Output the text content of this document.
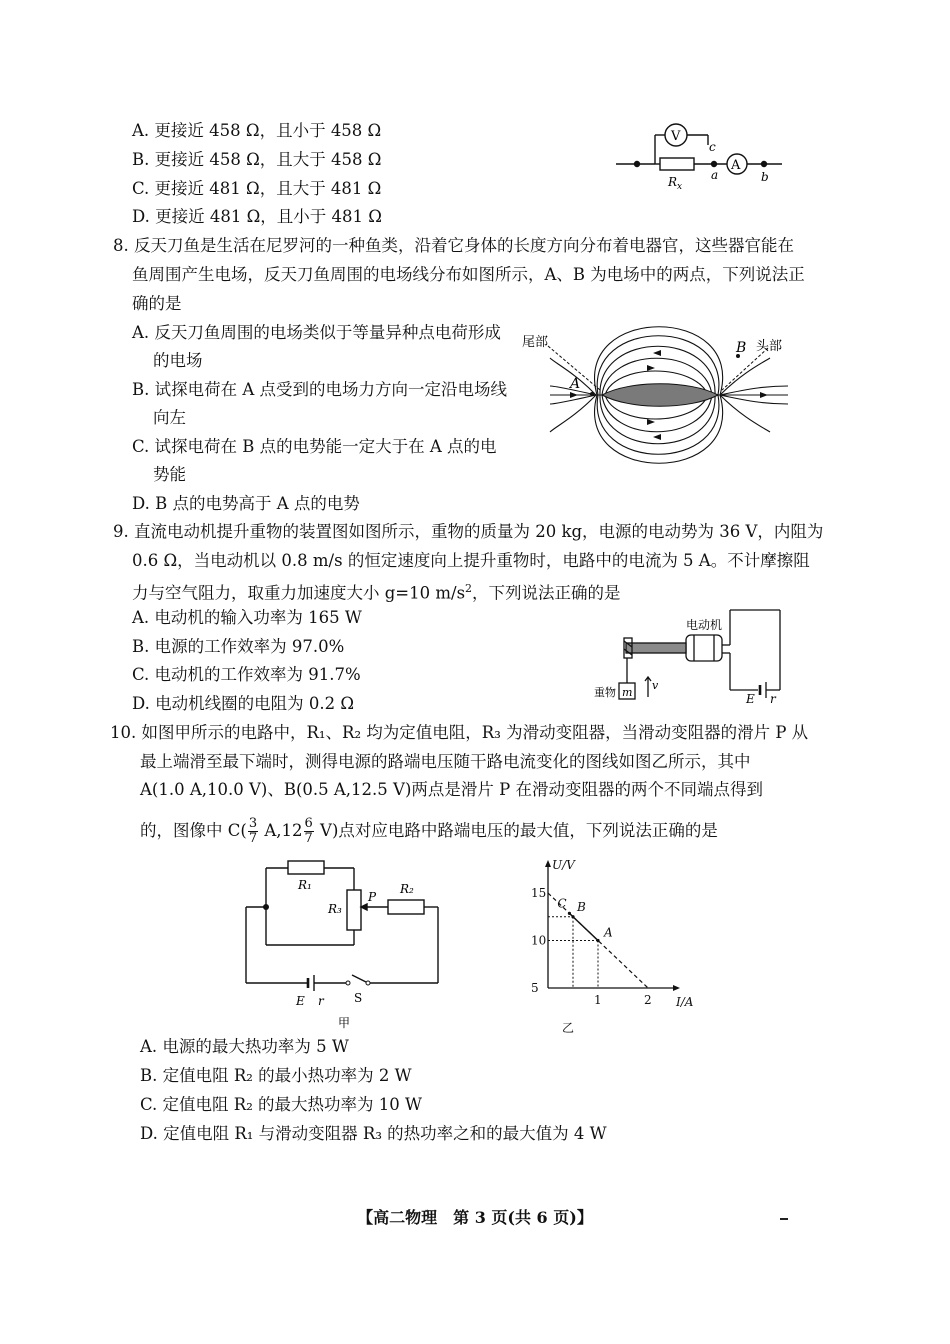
A. 更接近 458 Ω，且小于 458 Ω
B. 更接近 458 Ω，且大于 458 Ω
C. 更接近 481 Ω，且大于 481 Ω
D. 更接近 481 Ω，且小于 481 Ω
V
A
c
$R_x$
a	b
8. 反天刀鱼是生活在尼罗河的一种鱼类，沿着它身体的长度方向分布着电器官，这些器官能在
鱼周围产生电场，反天刀鱼周围的电场线分布如图所示，A、B 为电场中的两点，下列说法正
确的是
A. 反天刀鱼周围的电场类似于等量异种点电荷形成
的电场
B. 试探电荷在 A 点受到的电场力方向一定沿电场线
向左
C. 试探电荷在 B 点的电势能一定大于在 A 点的电
势能
D. B 点的电势高于 A 点的电势
尾部	头部
A
B
9. 直流电动机提升重物的装置图如图所示，重物的质量为 20 kg，电源的电动势为 36 V，内阻为
0.6 Ω，当电动机以 0.8 m/s 的恒定速度向上提升重物时，电路中的电流为 5 A。不计摩擦阻
力与空气阻力，取重力加速度大小 g=10 $m/s^2$，下列说法正确的是
A. 电动机的输入功率为 165 W
B. 电源的工作效率为 97.0%
C. 电动机的工作效率为 91.7%
D. 电动机线圈的电阻为 0.2 Ω
电动机
重物 m
v
E r
10. 如图甲所示的电路中，R₁、R₂ 均为定值电阻，R₃ 为滑动变阻器，当滑动变阻器的滑片 P 从
最上端滑至最下端时，测得电源的路端电压随干路电流变化的图线如图乙所示，其中
A(1.0 A,10.0 V)、B(0.5 A,12.5 V)两点是滑片 P 在滑动变阻器的两个不同端点得到
的，图像中 $C( \frac{3}{7} A,12 \frac{6}{7} V)$点对应电路中路端电压的最大值，下列说法正确的是
R₁	R₂
R₃
P
E r	S
甲
U/V
I/A
15
10
5
1	2
C B
A
乙
A. 电源的最大热功率为 5 W
B. 定值电阻 R₂ 的最小热功率为 2 W
C. 定值电阻 R₂ 的最大热功率为 10 W
D. 定值电阻 R₁ 与滑动变阻器 R₃ 的热功率之和的最大值为 4 W
【高二物理　第 3 页(共 6 页)】
